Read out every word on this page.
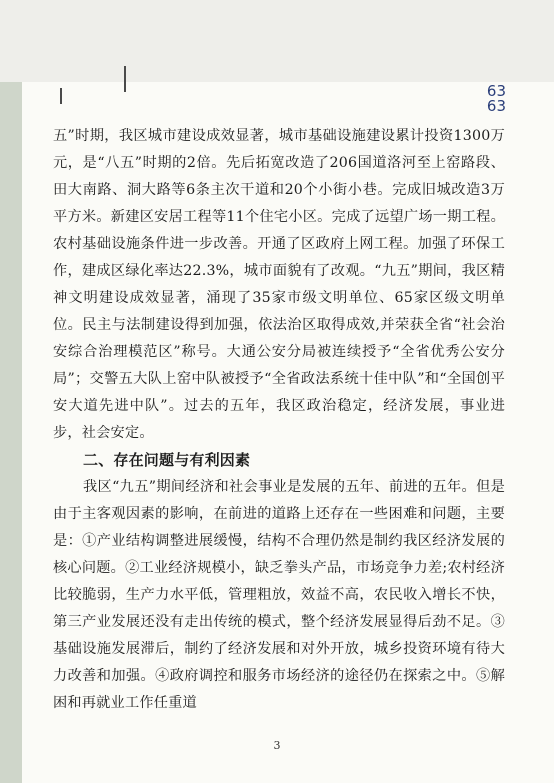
63
63

五”时期，我区城市建设成效显著，城市基础设施建设累计投资1300万元，是“八五”时期的2倍。先后拓宽改造了206国道洛河至上窑路段、田大南路、洞大路等6条主次干道和20个小街小巷。完成旧城改造3万平方米。新建区安居工程等11个住宅小区。完成了远望广场一期工程。农村基础设施条件进一步改善。开通了区政府上网工程。加强了环保工作，建成区绿化率达22.3%，城市面貌有了改观。“九五”期间，我区精神文明建设成效显著，涌现了35家市级文明单位、65家区级文明单位。民主与法制建设得到加强，依法治区取得成效,并荣获全省“社会治安综合治理模范区”称号。大通公安分局被连续授予“全省优秀公安分局”；交警五大队上窑中队被授予“全省政法系统十佳中队”和“全国创平安大道先进中队”。过去的五年，我区政治稳定，经济发展，事业进步，社会安定。

二、存在问题与有利因素

我区“九五”期间经济和社会事业是发展的五年、前进的五年。但是由于主客观因素的影响，在前进的道路上还存在一些困难和问题，主要是：①产业结构调整进展缓慢，结构不合理仍然是制约我区经济发展的核心问题。②工业经济规模小，缺乏拳头产品，市场竞争力差;农村经济比较脆弱，生产力水平低，管理粗放，效益不高，农民收入增长不快，第三产业发展还没有走出传统的模式，整个经济发展显得后劲不足。③基础设施发展滞后，制约了经济发展和对外开放，城乡投资环境有待大力改善和加强。④政府调控和服务市场经济的途径仍在探索之中。⑤解困和再就业工作任重道

3
